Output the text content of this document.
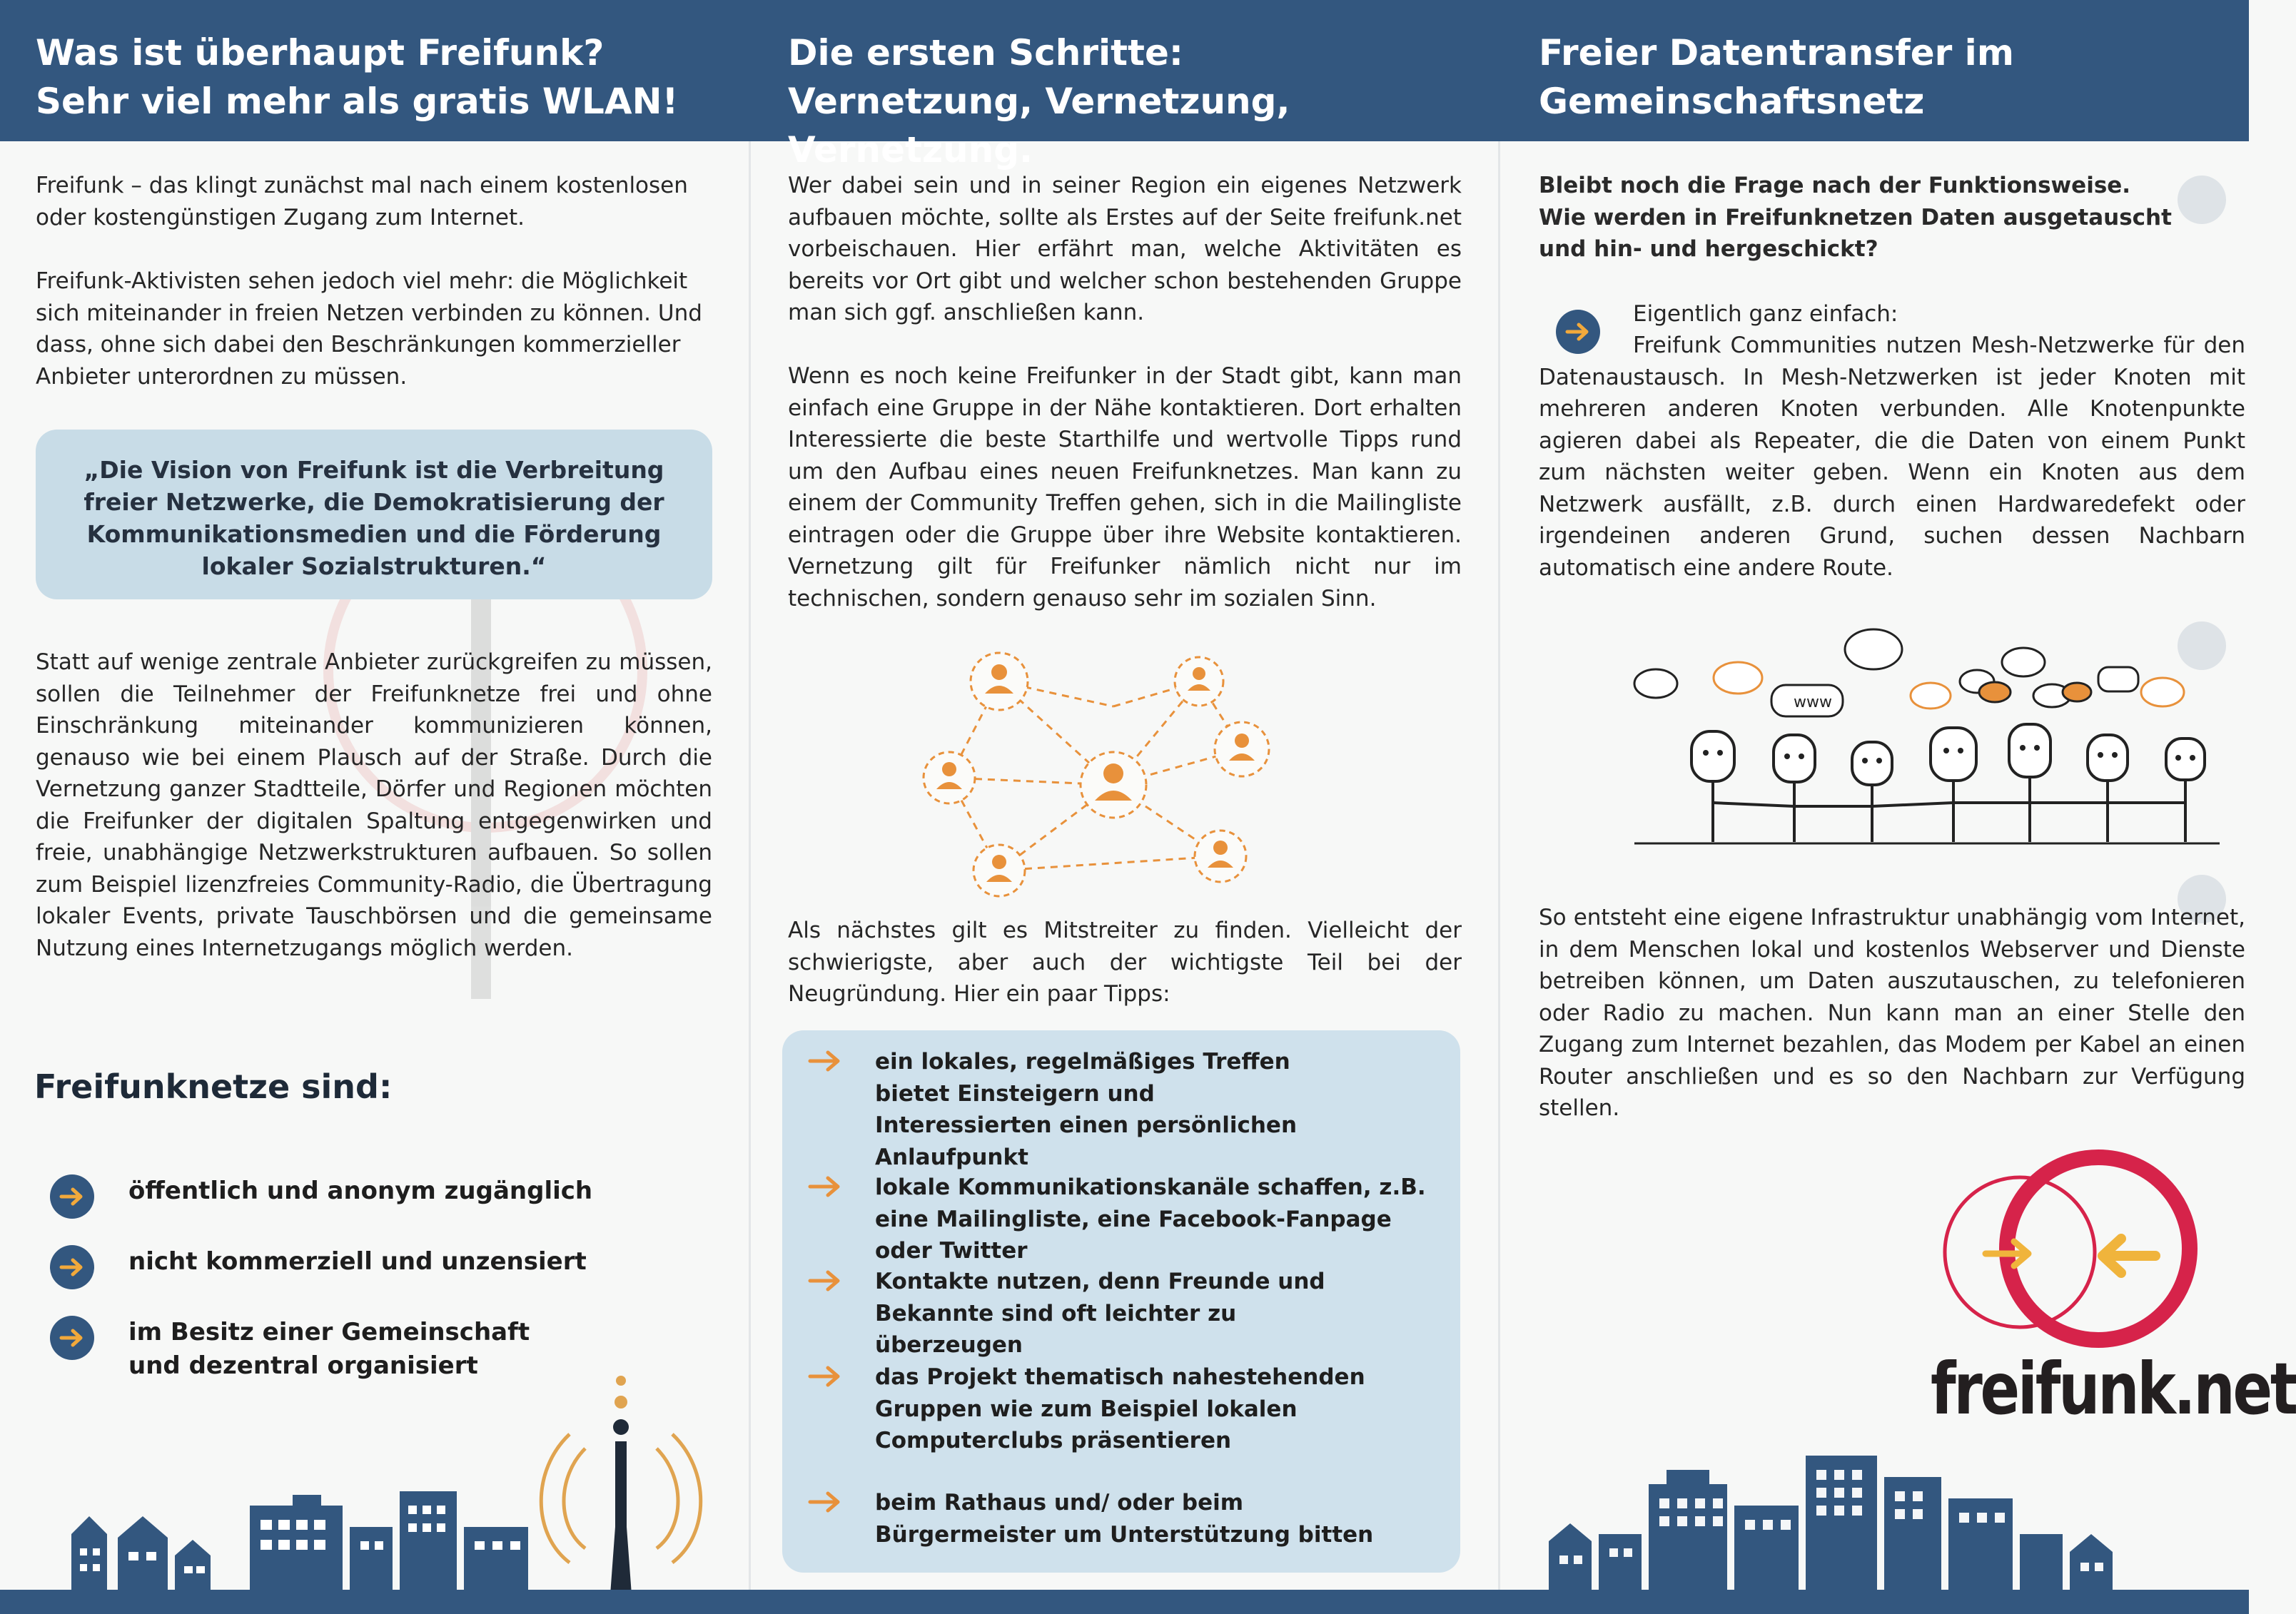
Was ist überhaupt Freifunk?
Sehr viel mehr als gratis WLAN!

Freifunk – das klingt zunächst mal nach einem kostenlosen oder kostengünstigen Zugang zum Internet.

Freifunk-Aktivisten sehen jedoch viel mehr: die Möglichkeit sich miteinander in freien Netzen verbinden zu können. Und dass, ohne sich dabei den Beschränkungen kommerzieller Anbieter unterordnen zu müssen.

„Die Vision von Freifunk ist die Verbreitung freier Netzwerke, die Demokratisierung der Kommunikationsmedien und die Förderung lokaler Sozialstrukturen.“

Statt auf wenige zentrale Anbieter zurückgreifen zu müssen, sollen die Teilnehmer der Freifunknetze frei und ohne Einschränkung miteinander kommunizieren können, genauso wie bei einem Plausch auf der Straße. Durch die Vernetzung ganzer Stadtteile, Dörfer und Regionen möchten die Freifunker der digitalen Spaltung entgegenwirken und freie, unabhängige Netzwerkstrukturen aufbauen. So sollen zum Beispiel lizenzfreies Community-Radio, die Übertragung lokaler Events, private Tauschbörsen und die gemeinsame Nutzung eines Internetzugangs möglich werden.

Freifunknetze sind:
öffentlich und anonym zugänglich
nicht kommerziell und unzensiert
im Besitz einer Gemeinschaft
und dezentral organisiert
Die ersten Schritte:
Vernetzung, Vernetzung, Vernetzung.

Wer dabei sein und in seiner Region ein eigenes Netzwerk aufbauen möchte, sollte als Erstes auf der Seite freifunk.net vorbeischauen. Hier erfährt man, welche Aktivitäten es bereits vor Ort gibt und welcher schon bestehenden Gruppe man sich ggf. anschließen kann.

Wenn es noch keine Freifunker in der Stadt gibt, kann man einfach eine Gruppe in der Nähe kontaktieren. Dort erhalten Interessierte die beste Starthilfe und wertvolle Tipps rund um den Aufbau eines neuen Freifunknetzes. Man kann zu einem der Community Treffen gehen, sich in die Mailingliste eintragen oder die Gruppe über ihre Website kontaktieren. Vernetzung gilt für Freifunker nämlich nicht nur im technischen, sondern genauso sehr im sozialen Sinn.

Als nächstes gilt es Mitstreiter zu finden. Vielleicht der schwierigste, aber auch der wichtigste Teil bei der Neugründung. Hier ein paar Tipps:

ein lokales, regelmäßiges Treffen bietet Einsteigern und Interessierten einen persönlichen Anlaufpunkt
lokale Kommunikationskanäle schaffen, z.B. eine Mailingliste, eine Facebook-Fanpage oder Twitter
Kontakte nutzen, denn Freunde und Bekannte sind oft leichter zu überzeugen
das Projekt thematisch nahestehenden Gruppen wie zum Beispiel lokalen Computerclubs präsentieren
beim Rathaus und/ oder beim Bürgermeister um Unterstützung bitten
Freier Datentransfer im
Gemeinschaftsnetz

Bleibt noch die Frage nach der Funktionsweise. Wie werden in Freifunknetzen Daten ausgetauscht und hin- und hergeschickt?

Eigentlich ganz einfach:

Freifunk Communities nutzen Mesh-Netzwerke für den Datenaustausch. In Mesh-Netzwerken ist jeder Knoten mit mehreren anderen Knoten verbunden. Alle Knotenpunkte agieren dabei als Repeater, die die Daten von einem Punkt zum nächsten weiter geben. Wenn ein Knoten aus dem Netzwerk ausfällt, z.B. durch einen Hardwaredefekt oder irgendeinen anderen Grund, suchen dessen Nachbarn automatisch eine andere Route.

www

So entsteht eine eigene Infrastruktur unabhängig vom Internet, in dem Menschen lokal und kostenlos Webserver und Dienste betreiben können, um Daten auszutauschen, zu telefonieren oder Radio zu machen. Nun kann man an einer Stelle den Zugang zum Internet bezahlen, das Modem per Kabel an einen Router anschließen und es so den Nachbarn zur Verfügung stellen.

freifunk.net
